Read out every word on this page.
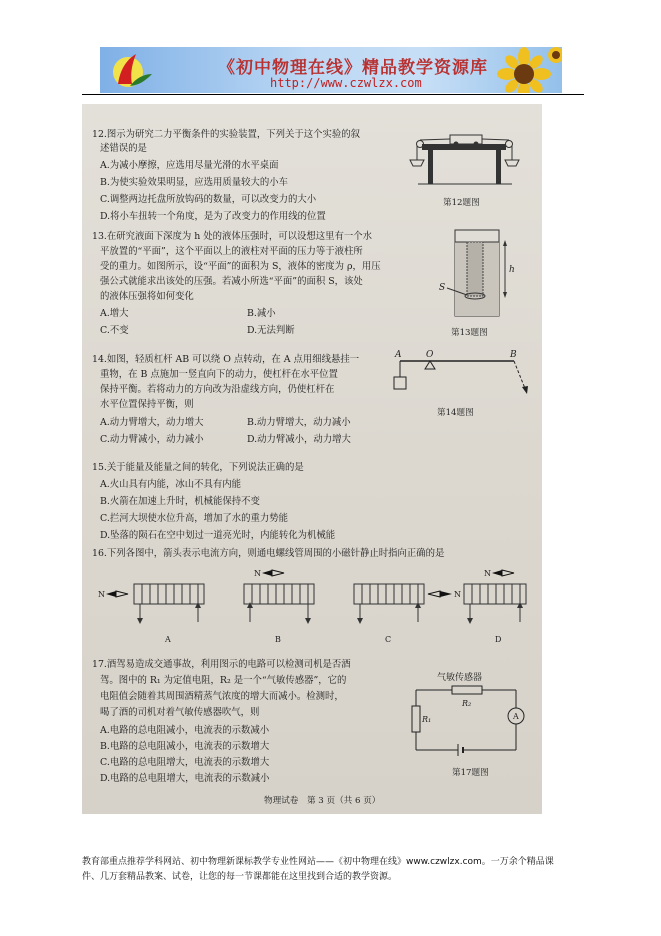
《初中物理在线》精品教学资源库
http://www.czwlzx.com
12.图示为研究二力平衡条件的实验装置，下列关于这个实验的叙
述错误的是
A.为减小摩擦，应选用尽量光滑的水平桌面
B.为使实验效果明显，应选用质量较大的小车
C.调整两边托盘所放钩码的数量，可以改变力的大小
D.将小车扭转一个角度，是为了改变力的作用线的位置
第12题图
13.在研究液面下深度为 h 处的液体压强时，可以设想这里有一个水
平放置的“平面”，这个平面以上的液柱对平面的压力等于液柱所
受的重力。如图所示，设“平面”的面积为 S，液体的密度为 ρ，用压
强公式就能求出该处的压强。若减小所选“平面”的面积 S，该处
的液体压强将如何变化
A.增大	B.减小
C.不变	D.无法判断
h
S
第13题图
14.如图，轻质杠杆 AB 可以绕 O 点转动，在 A 点用细线悬挂一
重物，在 B 点施加一竖直向下的动力，使杠杆在水平位置
保持平衡。若将动力的方向改为沿虚线方向，仍使杠杆在
水平位置保持平衡，则
A.动力臂增大，动力增大	B.动力臂增大，动力减小
C.动力臂减小，动力减小	D.动力臂减小，动力增大
A	O	B
第14题图
15.关于能量及能量之间的转化，下列说法正确的是
A.火山具有内能，冰山不具有内能
B.火箭在加速上升时，机械能保持不变
C.拦河大坝使水位升高，增加了水的重力势能
D.坠落的陨石在空中划过一道亮光时，内能转化为机械能
16.下列各图中，箭头表示电流方向，则通电螺线管周围的小磁针静止时指向正确的是
N
A
N
B
N
C
N
D
17.酒驾易造成交通事故，利用图示的电路可以检测司机是否酒
驾。图中的 R₁ 为定值电阻，R₂ 是一个“气敏传感器”，它的
电阻值会随着其周围酒精蒸气浓度的增大而减小。检测时，
喝了酒的司机对着气敏传感器吹气，则
A.电路的总电阻减小，电流表的示数减小
B.电路的总电阻减小，电流表的示数增大
C.电路的总电阻增大，电流表的示数增大
D.电路的总电阻增大，电流表的示数减小
气敏传感器
R₂
R₁	A
第17题图
物理试卷　第 3 页（共 6 页）
教育部重点推荐学科网站、初中物理新课标教学专业性网站——《初中物理在线》www.czwlzx.com。一万余个精品课
件、几万套精品教案、试卷，让您的每一节课都能在这里找到合适的教学资源。
